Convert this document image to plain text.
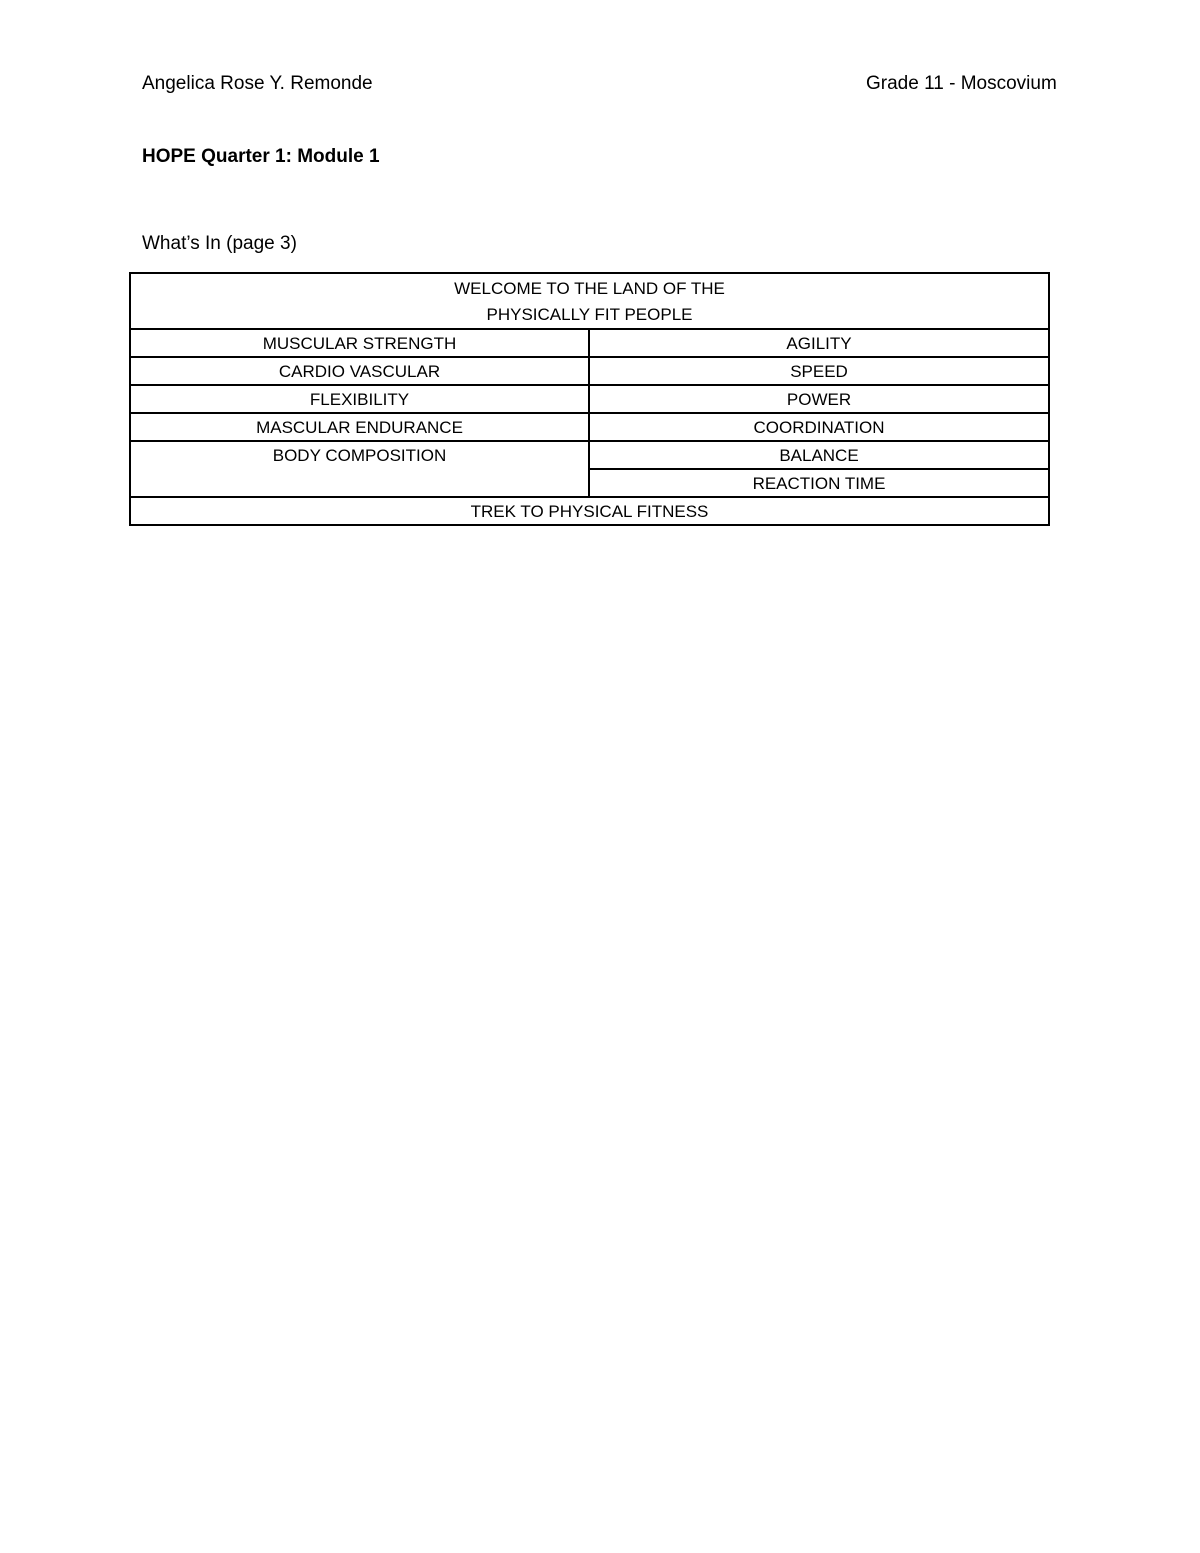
Angelica Rose Y. Remonde	Grade 11 - Moscovium
HOPE Quarter 1: Module 1
What’s In (page 3)
WELCOME TO THE LAND OF THE
PHYSICALLY FIT PEOPLE	

MUSCULAR STRENGTH	AGILITY
CARDIO VASCULAR	SPEED
FLEXIBILITY	POWER
MASCULAR ENDURANCE	COORDINATION
BODY COMPOSITION	BALANCE
	REACTION TIME
TREK TO PHYSICAL FITNESS	
